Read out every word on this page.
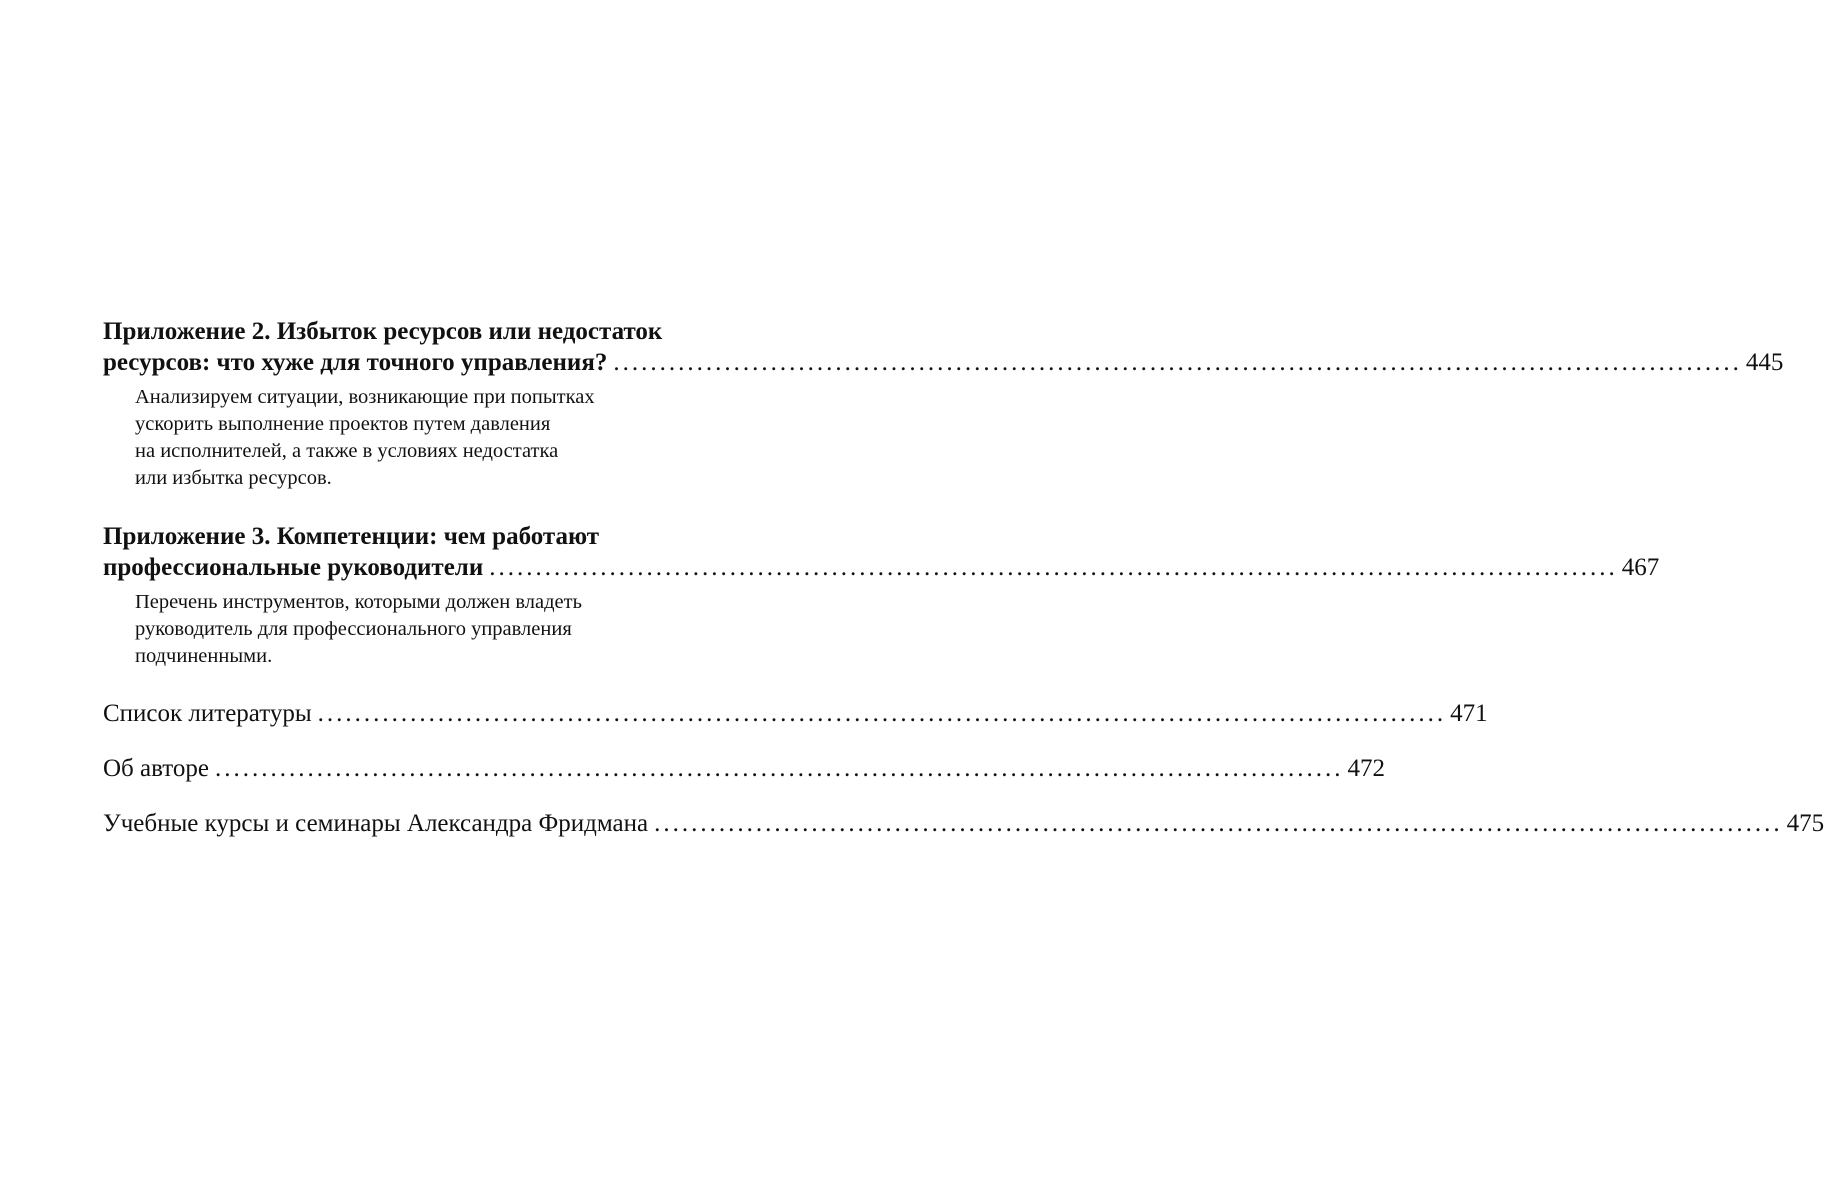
Приложение 2. Избыток ресурсов или недостаток
ресурсов: что хуже для точного управления? .......................................................................................................................... 445
Анализируем ситуации, возникающие при попытках
ускорить выполнение проектов путем давления
на исполнителей, а также в условиях недостатка
или избытка ресурсов.
Приложение 3. Компетенции: чем работают
профессиональные руководители .......................................................................................................................... 467
Перечень инструментов, которыми должен владеть
руководитель для профессионального управления
подчиненными.
Список литературы .......................................................................................................................... 471
Об авторе .......................................................................................................................... 472
Учебные курсы и семинары Александра Фридмана .......................................................................................................................... 475
